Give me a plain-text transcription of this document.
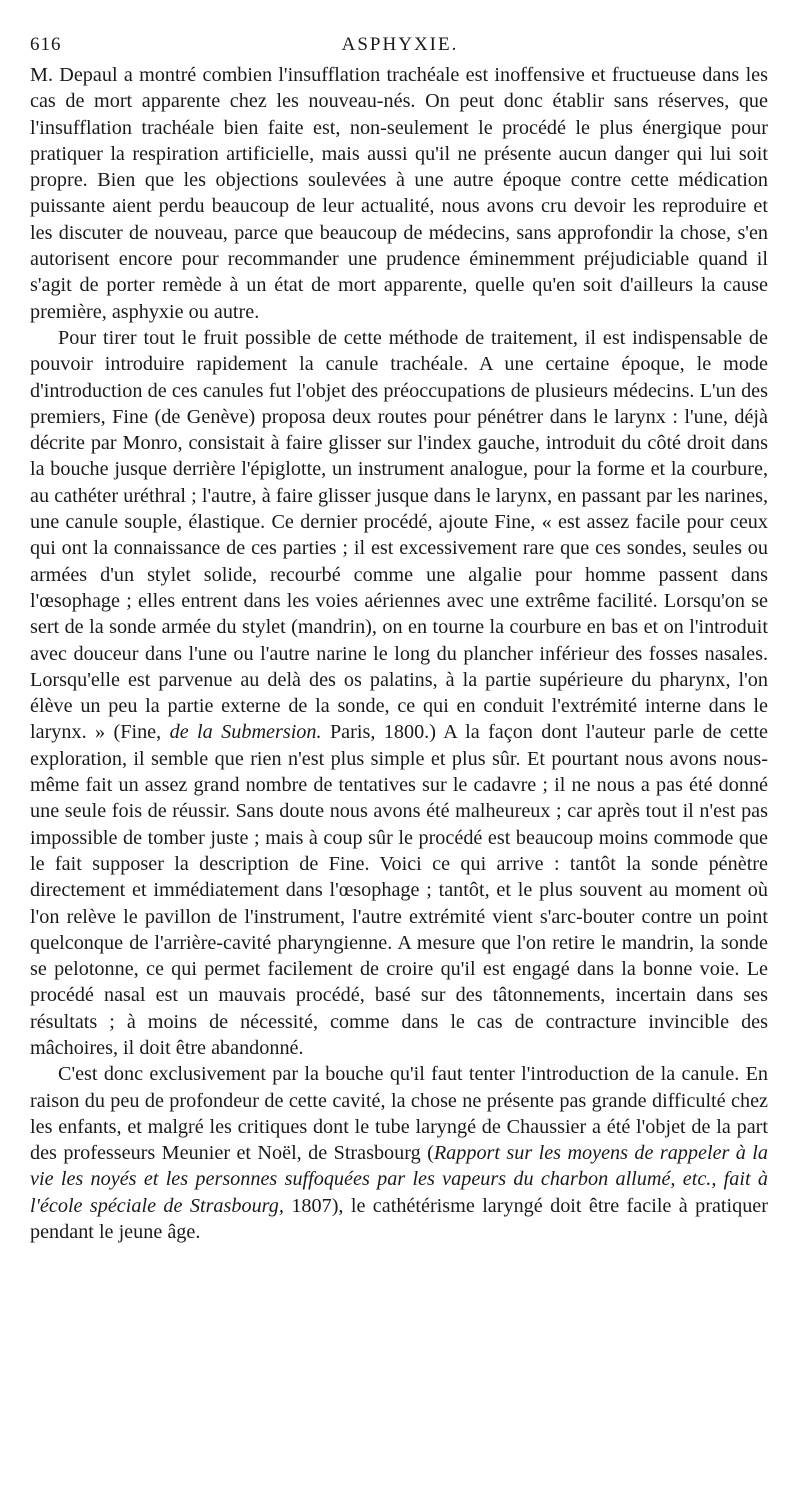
616	ASPHYXIE.

M. Depaul a montré combien l'insufflation trachéale est inoffensive et fructueuse dans les cas de mort apparente chez les nouveau-nés. On peut donc établir sans réserves, que l'insufflation trachéale bien faite est, non-seulement le procédé le plus énergique pour pratiquer la respiration artificielle, mais aussi qu'il ne présente aucun danger qui lui soit propre. Bien que les objections soulevées à une autre époque contre cette médication puissante aient perdu beaucoup de leur actualité, nous avons cru devoir les reproduire et les discuter de nouveau, parce que beaucoup de médecins, sans approfondir la chose, s'en autorisent encore pour recommander une prudence éminemment préjudiciable quand il s'agit de porter remède à un état de mort apparente, quelle qu'en soit d'ailleurs la cause première, asphyxie ou autre.

Pour tirer tout le fruit possible de cette méthode de traitement, il est indispensable de pouvoir introduire rapidement la canule trachéale. A une certaine époque, le mode d'introduction de ces canules fut l'objet des préoccupations de plusieurs médecins. L'un des premiers, Fine (de Genève) proposa deux routes pour pénétrer dans le larynx : l'une, déjà décrite par Monro, consistait à faire glisser sur l'index gauche, introduit du côté droit dans la bouche jusque derrière l'épiglotte, un instrument analogue, pour la forme et la courbure, au cathéter uréthral ; l'autre, à faire glisser jusque dans le larynx, en passant par les narines, une canule souple, élastique. Ce dernier procédé, ajoute Fine, « est assez facile pour ceux qui ont la connaissance de ces parties ; il est excessivement rare que ces sondes, seules ou armées d'un stylet solide, recourbé comme une algalie pour homme passent dans l'œsophage ; elles entrent dans les voies aériennes avec une extrême facilité. Lorsqu'on se sert de la sonde armée du stylet (mandrin), on en tourne la courbure en bas et on l'introduit avec douceur dans l'une ou l'autre narine le long du plancher inférieur des fosses nasales. Lorsqu'elle est parvenue au delà des os palatins, à la partie supérieure du pharynx, l'on élève un peu la partie externe de la sonde, ce qui en conduit l'extrémité interne dans le larynx. » (Fine, de la Submersion. Paris, 1800.) A la façon dont l'auteur parle de cette exploration, il semble que rien n'est plus simple et plus sûr. Et pourtant nous avons nous-même fait un assez grand nombre de tentatives sur le cadavre ; il ne nous a pas été donné une seule fois de réussir. Sans doute nous avons été malheureux ; car après tout il n'est pas impossible de tomber juste ; mais à coup sûr le procédé est beaucoup moins commode que le fait supposer la description de Fine. Voici ce qui arrive : tantôt la sonde pénètre directement et immédiatement dans l'œsophage ; tantôt, et le plus souvent au moment où l'on relève le pavillon de l'instrument, l'autre extrémité vient s'arc-bouter contre un point quelconque de l'arrière-cavité pharyngienne. A mesure que l'on retire le mandrin, la sonde se pelotonne, ce qui permet facilement de croire qu'il est engagé dans la bonne voie. Le procédé nasal est un mauvais procédé, basé sur des tâtonnements, incertain dans ses résultats ; à moins de nécessité, comme dans le cas de contracture invincible des mâchoires, il doit être abandonné.

C'est donc exclusivement par la bouche qu'il faut tenter l'introduction de la canule. En raison du peu de profondeur de cette cavité, la chose ne présente pas grande difficulté chez les enfants, et malgré les critiques dont le tube laryngé de Chaussier a été l'objet de la part des professeurs Meunier et Noël, de Strasbourg (Rapport sur les moyens de rappeler à la vie les noyés et les personnes suffoquées par les vapeurs du charbon allumé, etc., fait à l'école spéciale de Strasbourg, 1807), le cathétérisme laryngé doit être facile à pratiquer pendant le jeune âge.
